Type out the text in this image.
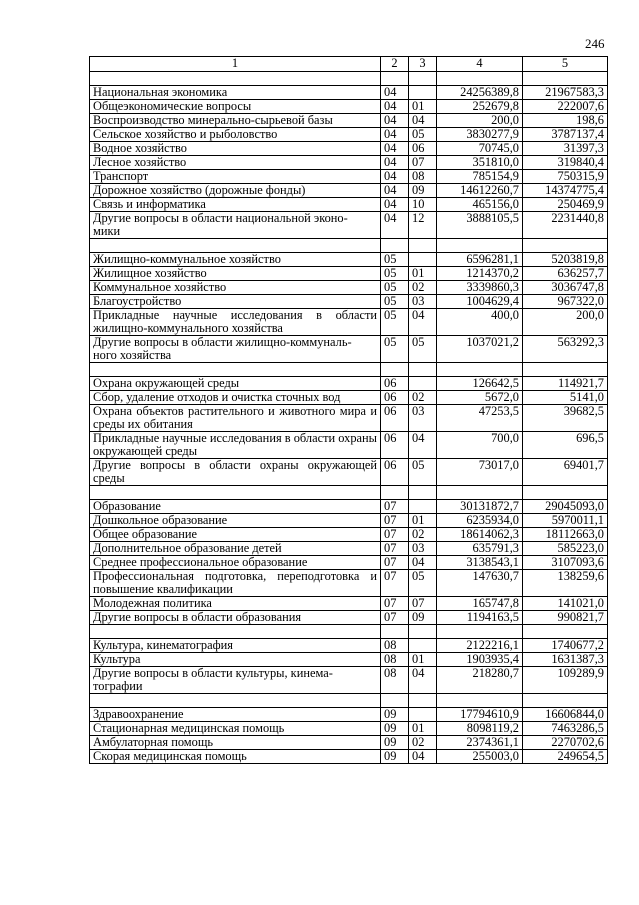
246
1	2	3	4	5

Национальная экономика	04		24256389,8	21967583,3
Общеэкономические вопросы	04	01	252679,8	222007,6
Воспроизводство минерально-сырьевой базы	04	04	200,0	198,6
Сельское хозяйство и рыболовство	04	05	3830277,9	3787137,4
Водное хозяйство	04	06	70745,0	31397,3
Лесное хозяйство	04	07	351810,0	319840,4
Транспорт	04	08	785154,9	750315,9
Дорожное хозяйство (дорожные фонды)	04	09	14612260,7	14374775,4
Связь и информатика	04	10	465156,0	250469,9
Другие вопросы в области национальной эконо-
мики	04	12	3888105,5	2231440,8

Жилищно-коммунальное хозяйство	05		6596281,1	5203819,8
Жилищное хозяйство	05	01	1214370,2	636257,7
Коммунальное хозяйство	05	02	3339860,3	3036747,8
Благоустройство	05	03	1004629,4	967322,0
Прикладные научные исследования в области жилищно-коммунального хозяйства	05	04	400,0	200,0
Другие вопросы в области жилищно-коммуналь-
ного хозяйства	05	05	1037021,2	563292,3

Охрана окружающей среды	06		126642,5	114921,7
Сбор, удаление отходов и очистка сточных вод	06	02	5672,0	5141,0
Охрана объектов растительного и животного мира и среды их обитания	06	03	47253,5	39682,5
Прикладные научные исследования в области охраны окружающей среды	06	04	700,0	696,5
Другие вопросы в области охраны окружающей среды	06	05	73017,0	69401,7

Образование	07		30131872,7	29045093,0
Дошкольное образование	07	01	6235934,0	5970011,1
Общее образование	07	02	18614062,3	18112663,0
Дополнительное образование детей	07	03	635791,3	585223,0
Среднее профессиональное образование	07	04	3138543,1	3107093,6
Профессиональная подготовка, переподготовка и повышение квалификации	07	05	147630,7	138259,6
Молодежная политика	07	07	165747,8	141021,0
Другие вопросы в области образования	07	09	1194163,5	990821,7

Культура, кинематография	08		2122216,1	1740677,2
Культура	08	01	1903935,4	1631387,3
Другие вопросы в области культуры, кинема-
тографии	08	04	218280,7	109289,9

Здравоохранение	09		17794610,9	16606844,0
Стационарная медицинская помощь	09	01	8098119,2	7463286,5
Амбулаторная помощь	09	02	2374361,1	2270702,6
Скорая медицинская помощь	09	04	255003,0	249654,5
